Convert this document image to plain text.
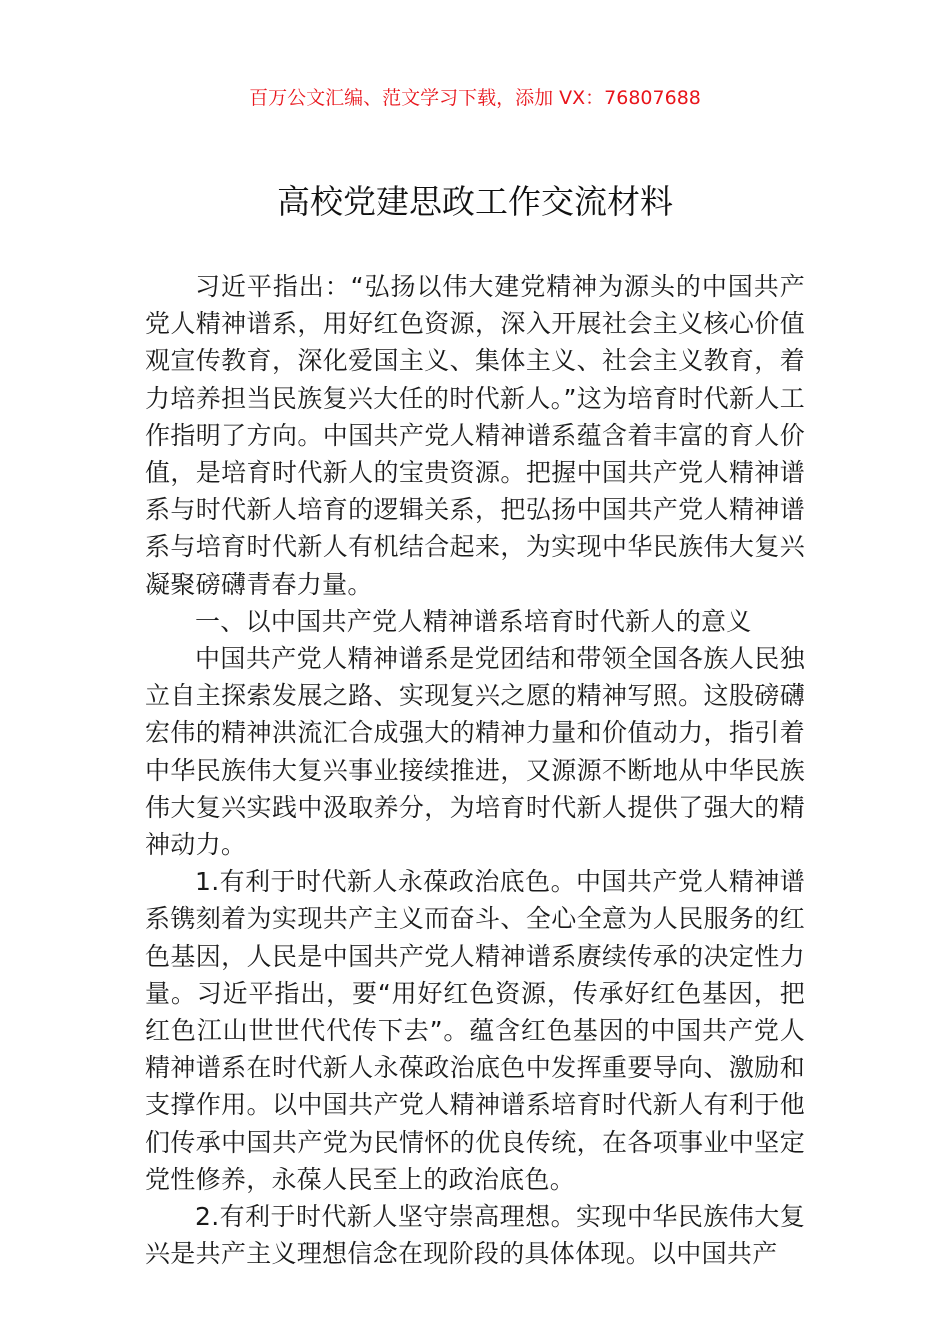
百万公文汇编、范文学习下载，添加 VX：76807688
高校党建思政工作交流材料

习近平指出：“弘扬以伟大建党精神为源头的中国共产党人精神谱系，用好红色资源，深入开展社会主义核心价值观宣传教育，深化爱国主义、集体主义、社会主义教育，着力培养担当民族复兴大任的时代新人。”这为培育时代新人工作指明了方向。中国共产党人精神谱系蕴含着丰富的育人价值，是培育时代新人的宝贵资源。把握中国共产党人精神谱系与时代新人培育的逻辑关系，把弘扬中国共产党人精神谱系与培育时代新人有机结合起来，为实现中华民族伟大复兴凝聚磅礴青春力量。

一、以中国共产党人精神谱系培育时代新人的意义

中国共产党人精神谱系是党团结和带领全国各族人民独立自主探索发展之路、实现复兴之愿的精神写照。这股磅礴宏伟的精神洪流汇合成强大的精神力量和价值动力，指引着中华民族伟大复兴事业接续推进，又源源不断地从中华民族伟大复兴实践中汲取养分，为培育时代新人提供了强大的精神动力。

1.有利于时代新人永葆政治底色。中国共产党人精神谱系镌刻着为实现共产主义而奋斗、全心全意为人民服务的红色基因，人民是中国共产党人精神谱系赓续传承的决定性力量。习近平指出，要“用好红色资源，传承好红色基因，把红色江山世世代代传下去”。蕴含红色基因的中国共产党人精神谱系在时代新人永葆政治底色中发挥重要导向、激励和支撑作用。以中国共产党人精神谱系培育时代新人有利于他们传承中国共产党为民情怀的优良传统，在各项事业中坚定党性修养，永葆人民至上的政治底色。

2.有利于时代新人坚守崇高理想。实现中华民族伟大复兴是共产主义理想信念在现阶段的具体体现。以中国共产
